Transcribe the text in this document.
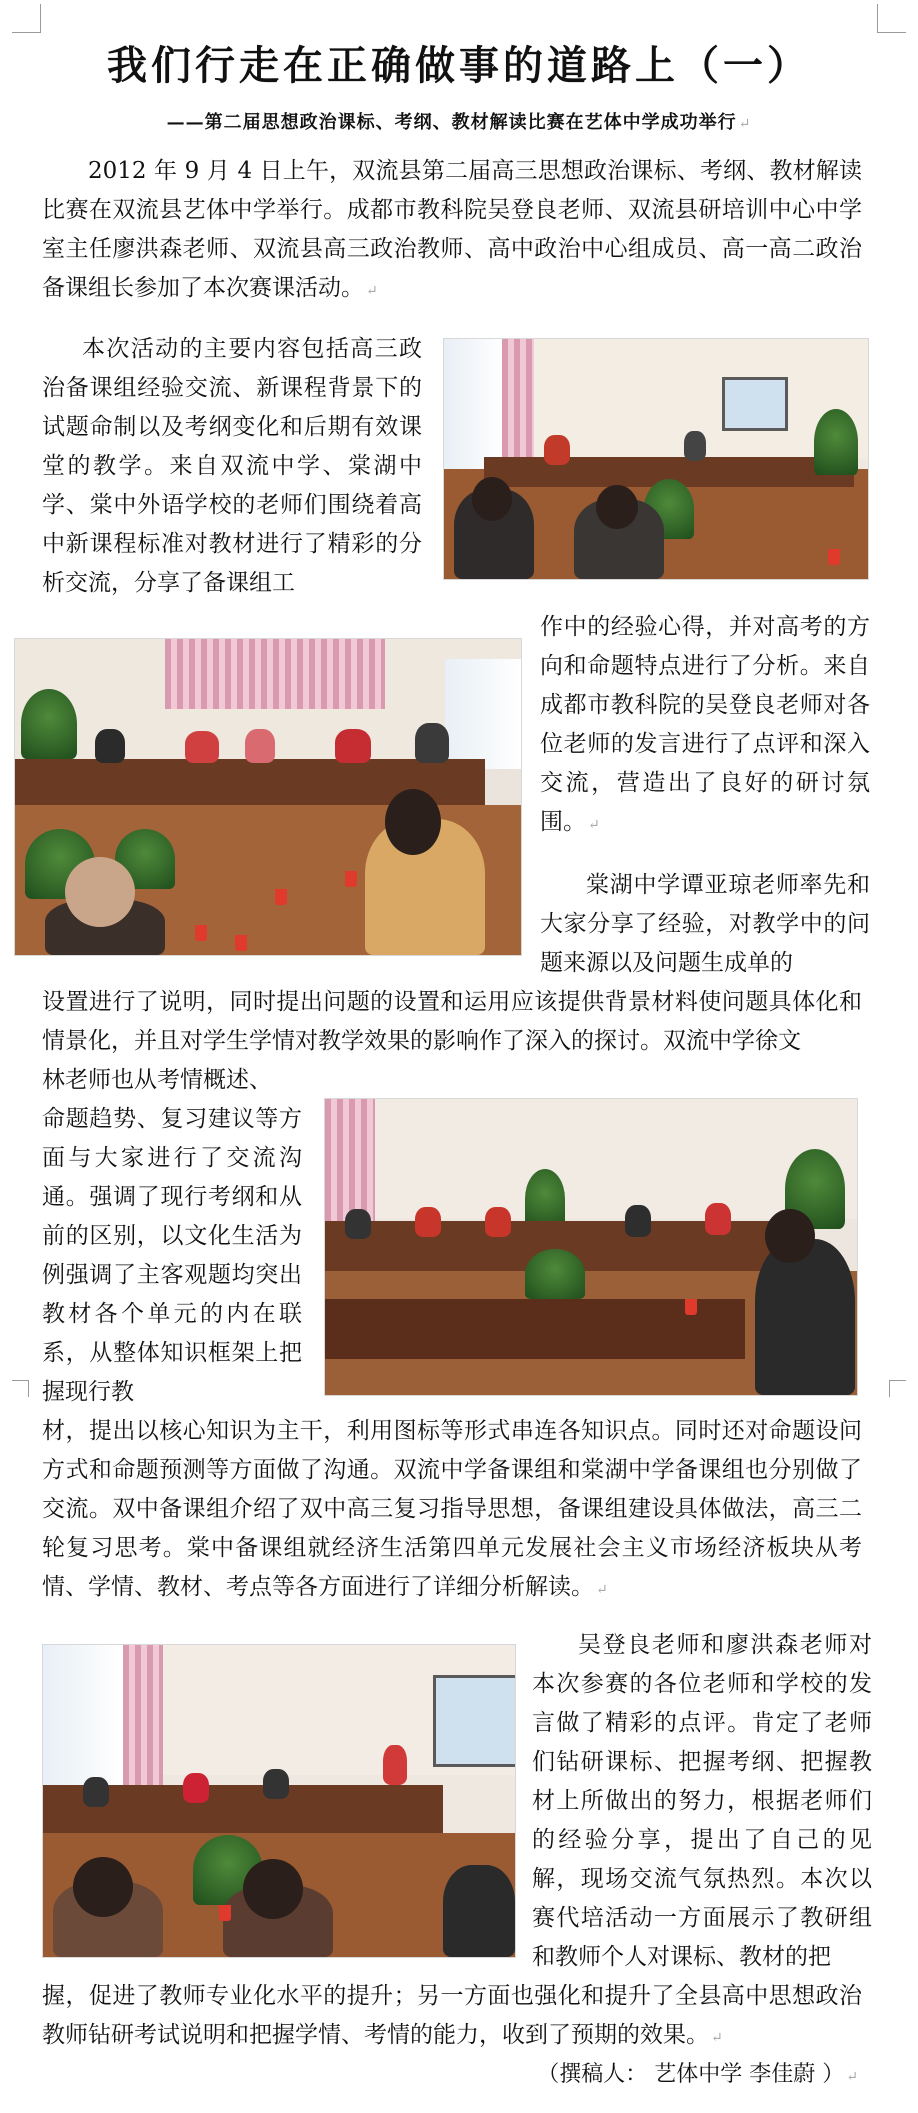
我们行走在正确做事的道路上（一）
——第二届思想政治课标、考纲、教材解读比赛在艺体中学成功举行 ↵
2012 年 9 月 4 日上午，双流县第二届高三思想政治课标、考纲、教材解读比赛在双流县艺体中学举行。成都市教科院吴登良老师、双流县研培训中心中学室主任廖洪森老师、双流县高三政治教师、高中政治中心组成员、高一高二政治备课组长参加了本次赛课活动。 ↵
本次活动的主要内容包括高三政治备课组经验交流、新课程背景下的试题命制以及考纲变化和后期有效课堂的教学。来自双流中学、棠湖中学、棠中外语学校的老师们围绕着高中新课程标准对教材进行了精彩的分析交流，分享了备课组工
作中的经验心得，并对高考的方向和命题特点进行了分析。来自成都市教科院的吴登良老师对各位老师的发言进行了点评和深入交流，营造出了良好的研讨氛围。 ↵
棠湖中学谭亚琼老师率先和大家分享了经验，对教学中的问题来源以及问题生成单的
设置进行了说明，同时提出问题的设置和运用应该提供背景材料使问题具体化和情景化，并且对学生学情对教学效果的影响作了深入的探讨。双流中学徐文
林老师也从考情概述、
命题趋势、复习建议等方面与大家进行了交流沟通。强调了现行考纲和从前的区别，以文化生活为例强调了主客观题均突出教材各个单元的内在联系，从整体知识框架上把握现行教
材，提出以核心知识为主干，利用图标等形式串连各知识点。同时还对命题设问方式和命题预测等方面做了沟通。双流中学备课组和棠湖中学备课组也分别做了交流。双中备课组介绍了双中高三复习指导思想，备课组建设具体做法，高三二轮复习思考。棠中备课组就经济生活第四单元发展社会主义市场经济板块从考情、学情、教材、考点等各方面进行了详细分析解读。 ↵
吴登良老师和廖洪森老师对本次参赛的各位老师和学校的发言做了精彩的点评。肯定了老师们钻研课标、把握考纲、把握教材上所做出的努力，根据老师们的经验分享，提出了自己的见解，现场交流气氛热烈。本次以赛代培活动一方面展示了教研组和教师个人对课标、教材的把
握，促进了教师专业化水平的提升；另一方面也强化和提升了全县高中思想政治教师钻研考试说明和把握学情、考情的能力，收到了预期的效果。 ↵
（撰稿人： 艺体中学 李佳蔚 ） ↵
